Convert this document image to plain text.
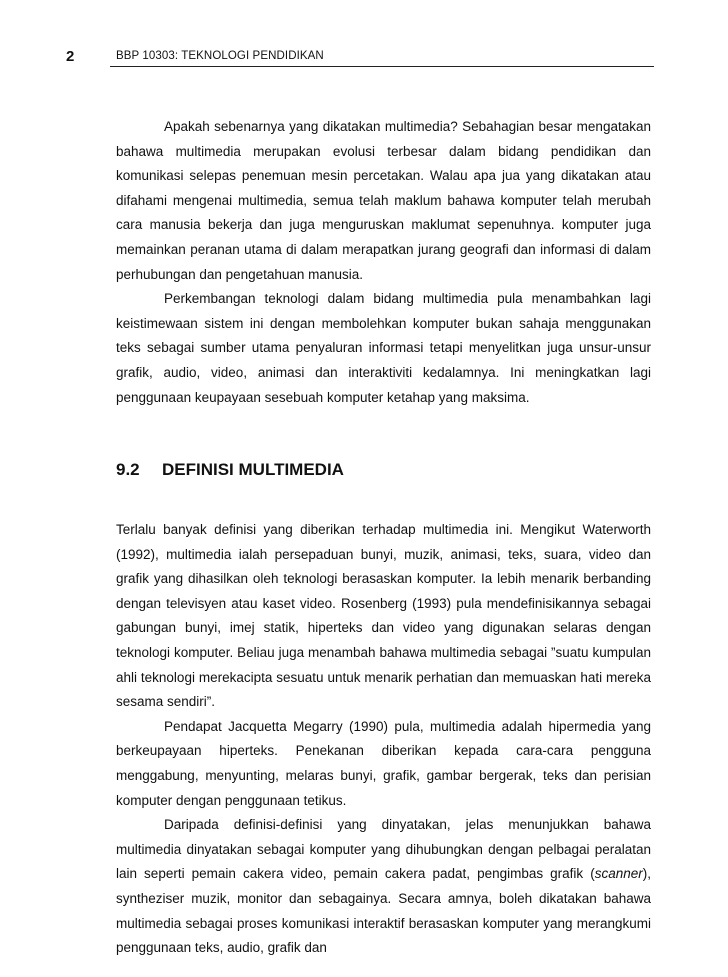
2	BBP 10303: TEKNOLOGI PENDIDIKAN

Apakah sebenarnya yang dikatakan multimedia? Sebahagian besar mengatakan bahawa multimedia merupakan evolusi terbesar dalam bidang pendidikan dan komunikasi selepas penemuan mesin percetakan. Walau apa jua yang dikatakan atau difahami mengenai multimedia, semua telah maklum bahawa komputer telah merubah cara manusia bekerja dan juga menguruskan maklumat sepenuhnya. komputer juga memainkan peranan utama di dalam merapatkan jurang geografi dan informasi di dalam perhubungan dan pengetahuan manusia.

Perkembangan teknologi dalam bidang multimedia pula menambahkan lagi keistimewaan sistem ini dengan membolehkan komputer bukan sahaja menggunakan teks sebagai sumber utama penyaluran informasi tetapi menyelitkan juga unsur-unsur grafik, audio, video, animasi dan interaktiviti kedalamnya. Ini meningkatkan lagi penggunaan keupayaan sesebuah komputer ketahap yang maksima.

9.2 DEFINISI MULTIMEDIA

Terlalu banyak definisi yang diberikan terhadap multimedia ini. Mengikut Waterworth (1992), multimedia ialah persepaduan bunyi, muzik, animasi, teks, suara, video dan grafik yang dihasilkan oleh teknologi berasaskan komputer. Ia lebih menarik berbanding dengan televisyen atau kaset video. Rosenberg (1993) pula mendefinisikannya sebagai gabungan bunyi, imej statik, hiperteks dan video yang digunakan selaras dengan teknologi komputer. Beliau juga menambah bahawa multimedia sebagai ”suatu kumpulan ahli teknologi merekacipta sesuatu untuk menarik perhatian dan memuaskan hati mereka sesama sendiri”.

Pendapat Jacquetta Megarry (1990) pula, multimedia adalah hipermedia yang berkeupayaan hiperteks. Penekanan diberikan kepada cara-cara pengguna menggabung, menyunting, melaras bunyi, grafik, gambar bergerak, teks dan perisian komputer dengan penggunaan tetikus.

Daripada definisi-definisi yang dinyatakan, jelas menunjukkan bahawa multimedia dinyatakan sebagai komputer yang dihubungkan dengan pelbagai peralatan lain seperti pemain cakera video, pemain cakera padat, pengimbas grafik (scanner), syntheziser muzik, monitor dan sebagainya. Secara amnya, boleh dikatakan bahawa multimedia sebagai proses komunikasi interaktif berasaskan komputer yang merangkumi penggunaan teks, audio, grafik dan
